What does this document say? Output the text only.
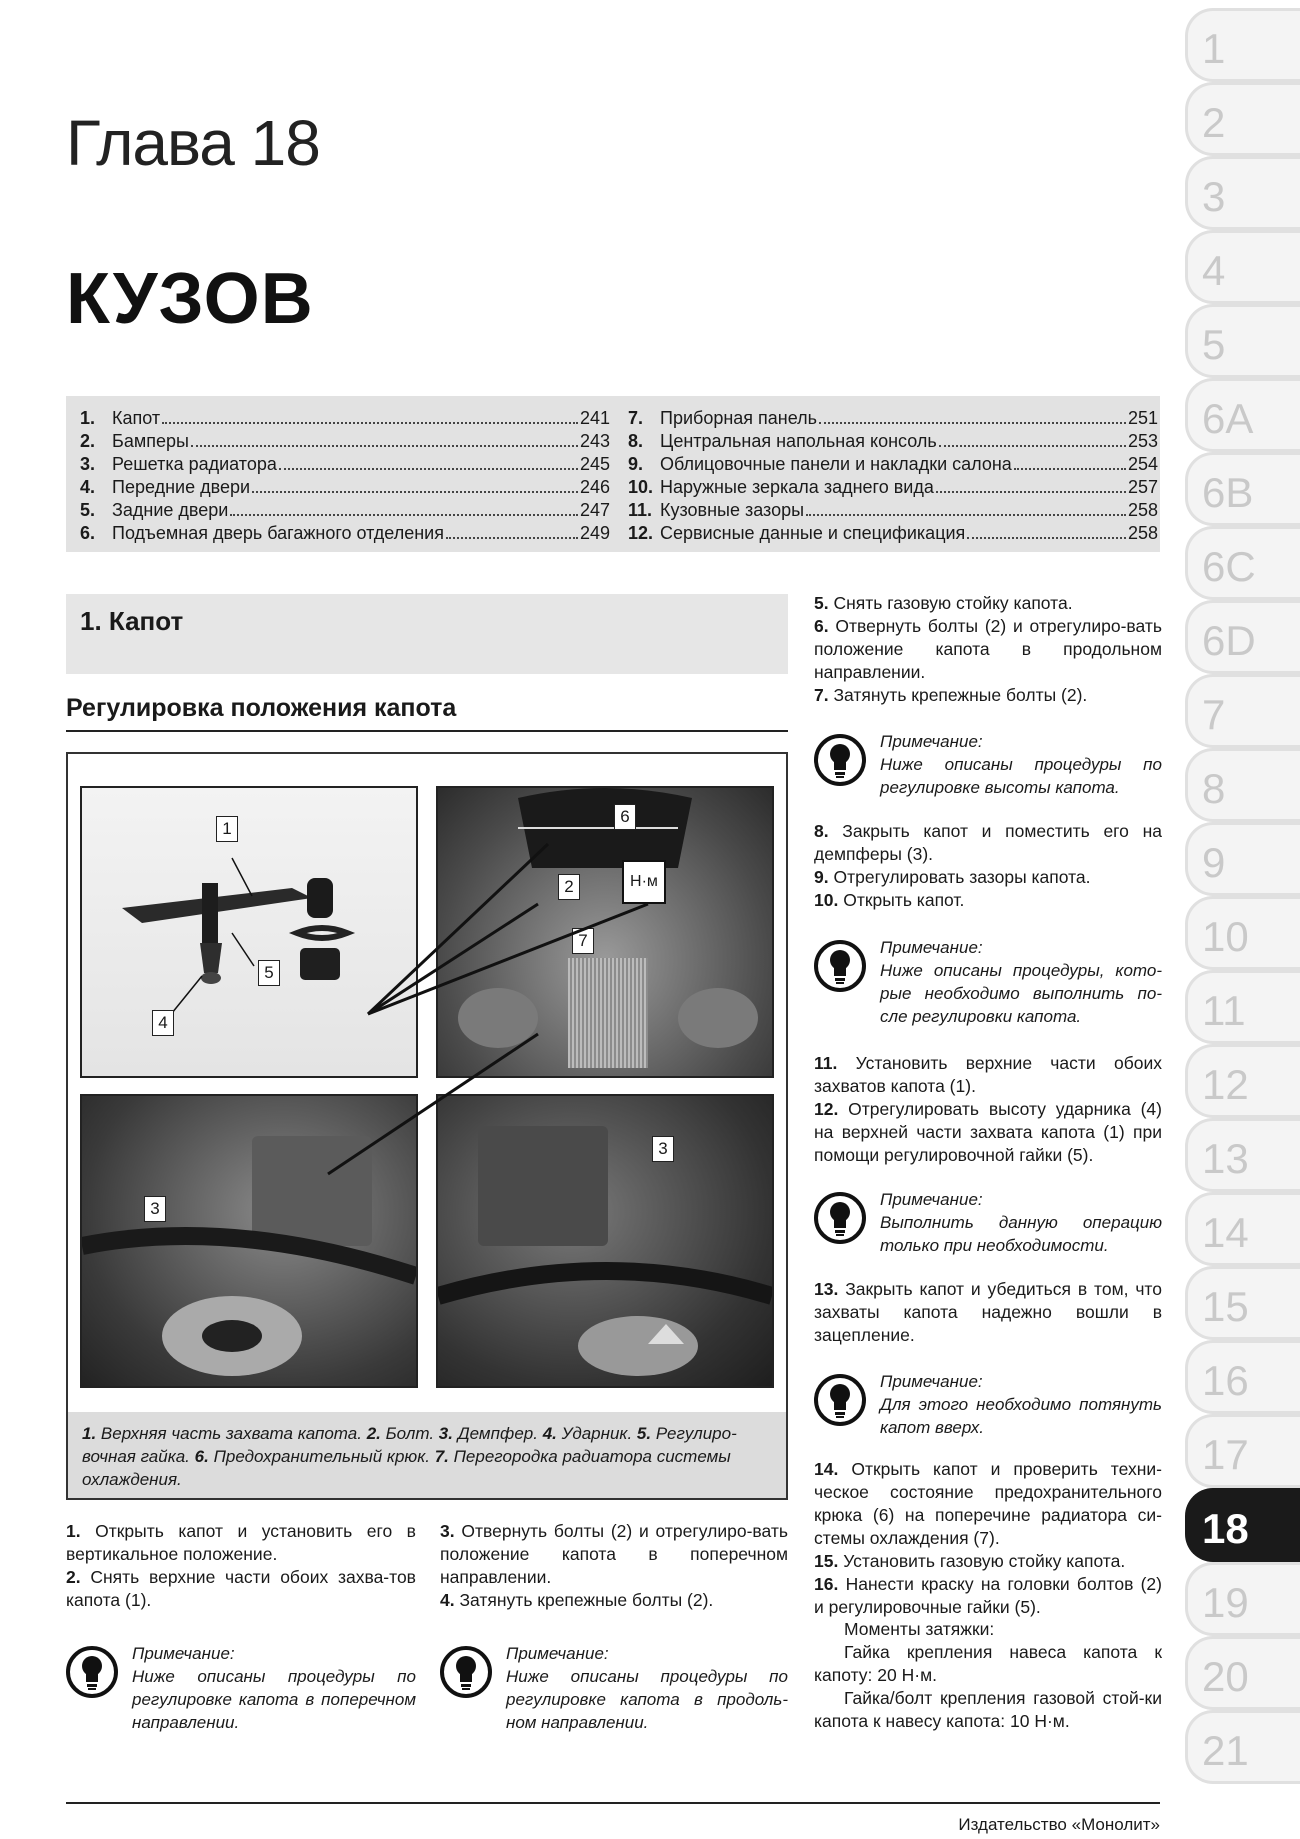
Глава 18
КУЗОВ
1. Капот	241
2. Бамперы	243
3. Решетка радиатора	245
4. Передние двери	246
5. Задние двери	247
6. Подъемная дверь багажного отделения	249
7. Приборная панель	251
8. Центральная напольная консоль	253
9. Облицовочные панели и накладки салона	254
10. Наружные зеркала заднего вида	257
11. Кузовные зазоры	258
12. Сервисные данные и спецификация	258
1
2
3
4
5
6A
6B
6C
6D
7
8
9
10
11
12
13
14
15
16
17
18
19
20
21
1. Капот
Регулировка положения капота
1
5
4
6
2	Н·м
7
3
3
1. Верхняя часть захвата капота. 2. Болт. 3. Демпфер. 4. Ударник. 5. Регулиро-вочная гайка. 6. Предохранительный крюк. 7. Перегородка радиатора системы охлаждения.
1. Открыть капот и установить его в вертикальное положение.
2. Снять верхние части обоих захва-тов капота (1).
Примечание:
Ниже описаны процедуры по регулировке капота в поперечном направлении.
3. Отвернуть болты (2) и отрегулиро-вать положение капота в поперечном направлении.
4. Затянуть крепежные болты (2).
Примечание:
Ниже описаны процедуры по регулировке капота в продоль-ном направлении.
5. Снять газовую стойку капота.
6. Отвернуть болты (2) и отрегулиро-вать положение капота в продольном направлении.
7. Затянуть крепежные болты (2).
Примечание:
Ниже описаны процедуры по регулировке высоты капота.
8. Закрыть капот и поместить его на демпферы (3).
9. Отрегулировать зазоры капота.
10. Открыть капот.
Примечание:
Ниже описаны процедуры, кото-рые необходимо выполнить по-сле регулировки капота.
11. Установить верхние части обоих захватов капота (1).
12. Отрегулировать высоту ударника (4) на верхней части захвата капота (1) при помощи регулировочной гайки (5).
Примечание:
Выполнить данную операцию только при необходимости.
13. Закрыть капот и убедиться в том, что захваты капота надежно вошли в зацепление.
Примечание:
Для этого необходимо потянуть капот вверх.
14. Открыть капот и проверить техни-ческое состояние предохранительного крюка (6) на поперечине радиатора си-стемы охлаждения (7).
15. Установить газовую стойку капота.
16. Нанести краску на головки болтов (2) и регулировочные гайки (5).
Моменты затяжки:
Гайка крепления навеса капота к капоту: 20 Н·м.
Гайка/болт крепления газовой стой-ки капота к навесу капота: 10 Н·м.
Издательство «Монолит»
